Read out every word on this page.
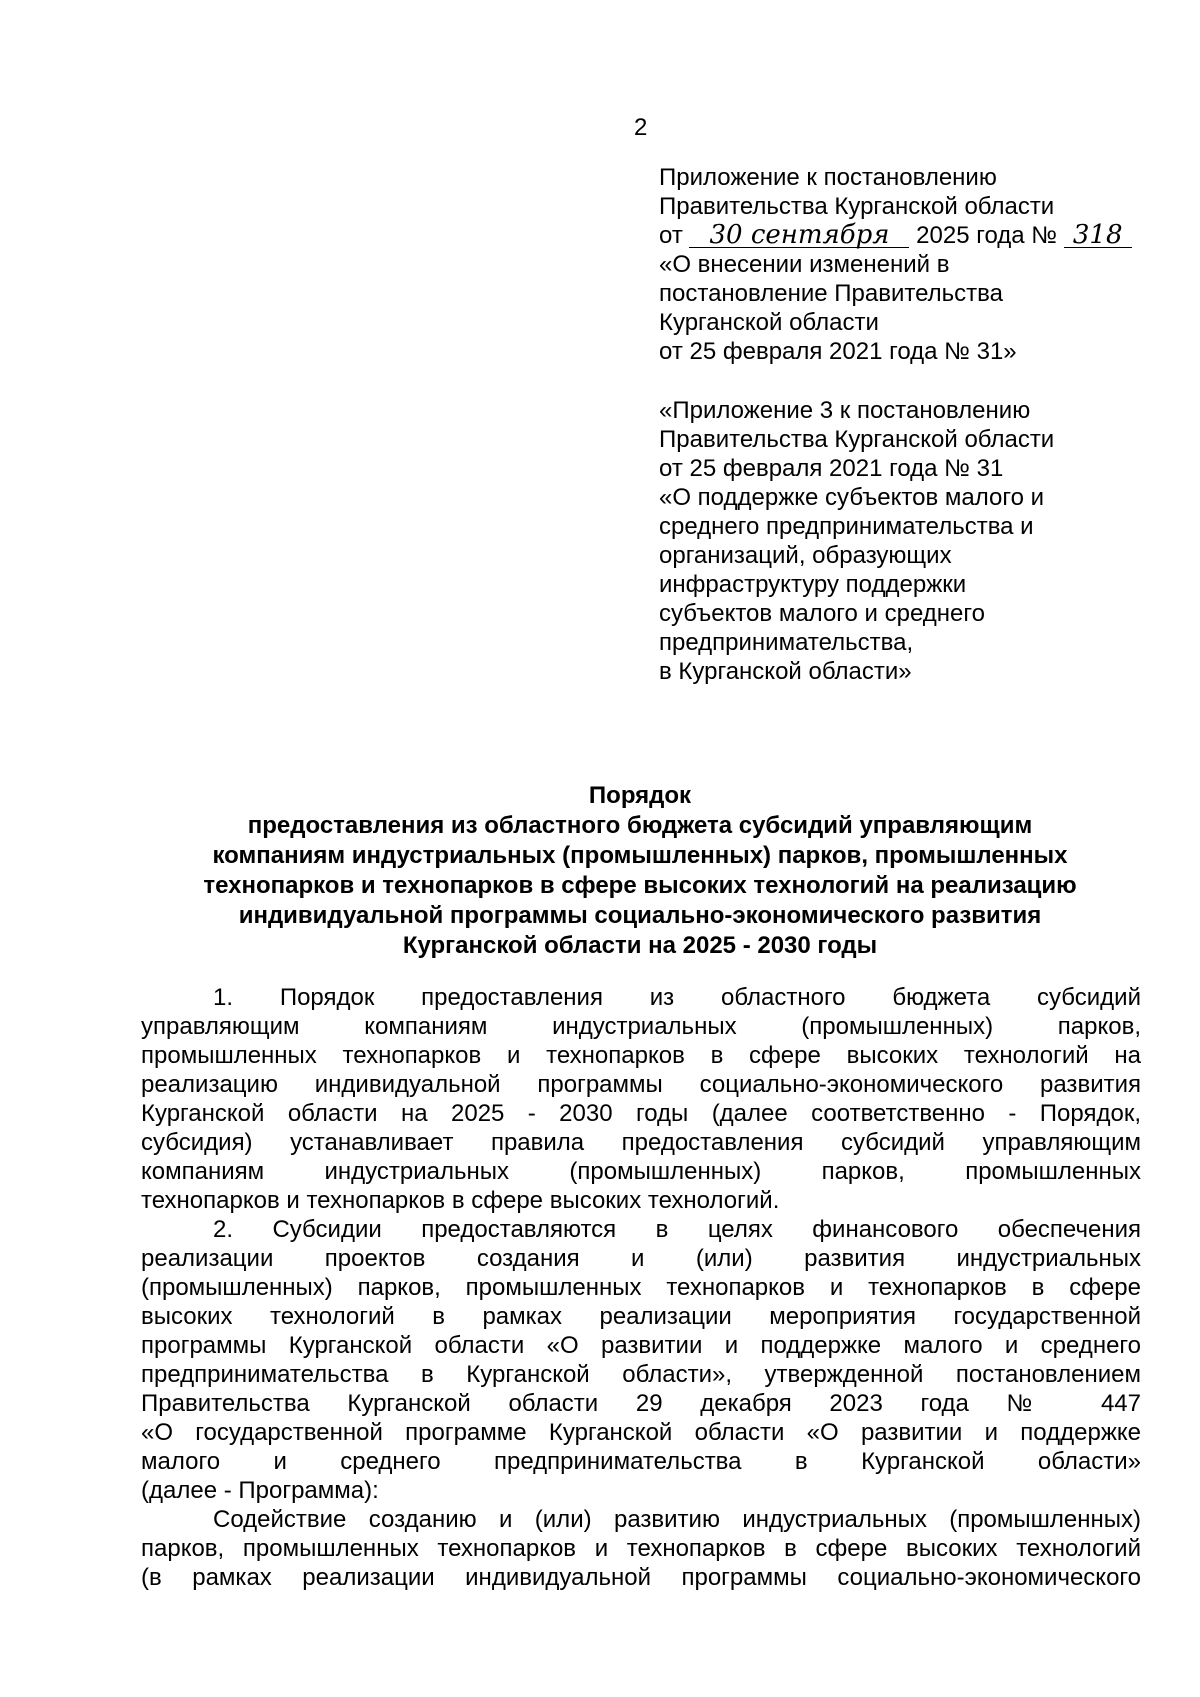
2
Приложение к постановлению
Правительства Курганской области
от 30 сентября 2025 года № 318
«О внесении изменений в
постановление Правительства
Курганской области
от 25 февраля 2021 года № 31»
«Приложение 3 к постановлению
Правительства Курганской области
от 25 февраля 2021 года № 31
«О поддержке субъектов малого и
среднего предпринимательства и
организаций, образующих
инфраструктуру поддержки
субъектов малого и среднего
предпринимательства,
в Курганской области»
Порядок
предоставления из областного бюджета субсидий управляющим
компаниям индустриальных (промышленных) парков, промышленных
технопарков и технопарков в сфере высоких технологий на реализацию
индивидуальной программы социально-экономического развития
Курганской области на 2025 - 2030 годы

1. Порядок предоставления из областного бюджета субсидий
управляющим компаниям индустриальных (промышленных) парков,
промышленных технопарков и технопарков в сфере высоких технологий на
реализацию индивидуальной программы социально-экономического развития
Курганской области на 2025 - 2030 годы (далее соответственно - Порядок,
субсидия) устанавливает правила предоставления субсидий управляющим
компаниям индустриальных (промышленных) парков, промышленных
технопарков и технопарков в сфере высоких технологий.

2. Субсидии предоставляются в целях финансового обеспечения
реализации проектов создания и (или) развития индустриальных
(промышленных) парков, промышленных технопарков и технопарков в сфере
высоких технологий в рамках реализации мероприятия государственной
программы Курганской области «О развитии и поддержке малого и среднего
предпринимательства в Курганской области», утвержденной постановлением
Правительства Курганской области 29 декабря 2023 года № 447
«О государственной программе Курганской области «О развитии и поддержке
малого и среднего предпринимательства в Курганской области»
(далее - Программа):

Содействие созданию и (или) развитию индустриальных (промышленных)
парков, промышленных технопарков и технопарков в сфере высоких технологий
(в рамках реализации индивидуальной программы социально-экономического
